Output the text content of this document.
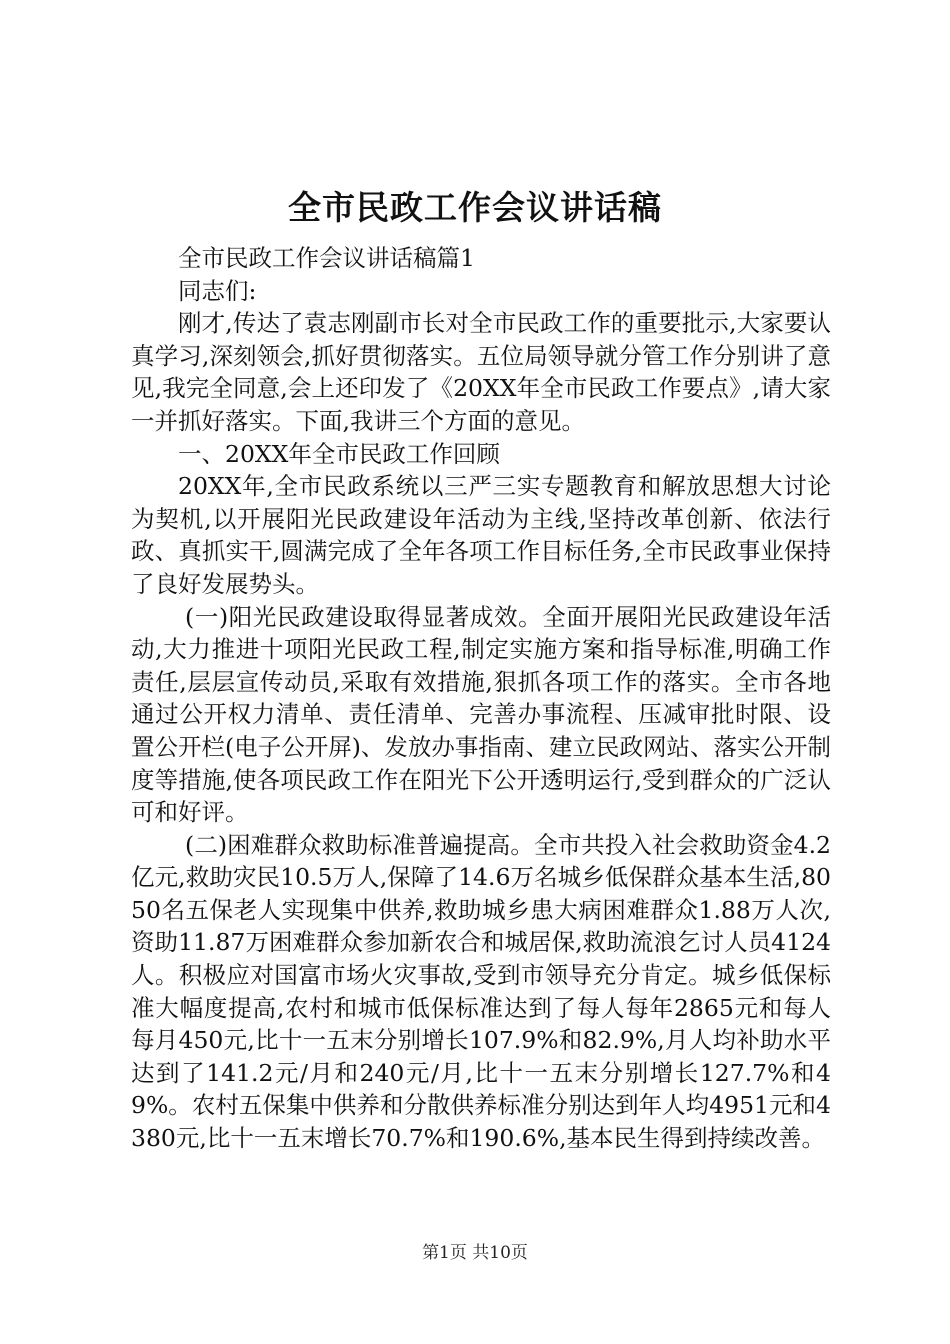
全市民政工作会议讲话稿

全市民政工作会议讲话稿篇1

同志们:

刚才,传达了袁志刚副市长对全市民政工作的重要批示,大家要认真学习,深刻领会,抓好贯彻落实。五位局领导就分管工作分别讲了意见,我完全同意,会上还印发了《20XX年全市民政工作要点》,请大家一并抓好落实。下面,我讲三个方面的意见。

一、20XX年全市民政工作回顾

20XX年,全市民政系统以三严三实专题教育和解放思想大讨论为契机,以开展阳光民政建设年活动为主线,坚持改革创新、依法行政、真抓实干,圆满完成了全年各项工作目标任务,全市民政事业保持了良好发展势头。

(一)阳光民政建设取得显著成效。全面开展阳光民政建设年活动,大力推进十项阳光民政工程,制定实施方案和指导标准,明确工作责任,层层宣传动员,采取有效措施,狠抓各项工作的落实。全市各地通过公开权力清单、责任清单、完善办事流程、压减审批时限、设置公开栏(电子公开屏)、发放办事指南、建立民政网站、落实公开制度等措施,使各项民政工作在阳光下公开透明运行,受到群众的广泛认可和好评。

(二)困难群众救助标准普遍提高。全市共投入社会救助资金4.2亿元,救助灾民10.5万人,保障了14.6万名城乡低保群众基本生活,8050名五保老人实现集中供养,救助城乡患大病困难群众1.88万人次,资助11.87万困难群众参加新农合和城居保,救助流浪乞讨人员4124人。积极应对国富市场火灾事故,受到市领导充分肯定。城乡低保标准大幅度提高,农村和城市低保标准达到了每人每年2865元和每人每月450元,比十一五末分别增长107.9%和82.9%,月人均补助水平达到了141.2元/月和240元/月,比十一五末分别增长127.7%和49%。农村五保集中供养和分散供养标准分别达到年人均4951元和4380元,比十一五末增长70.7%和190.6%,基本民生得到持续改善。

第1页 共10页
